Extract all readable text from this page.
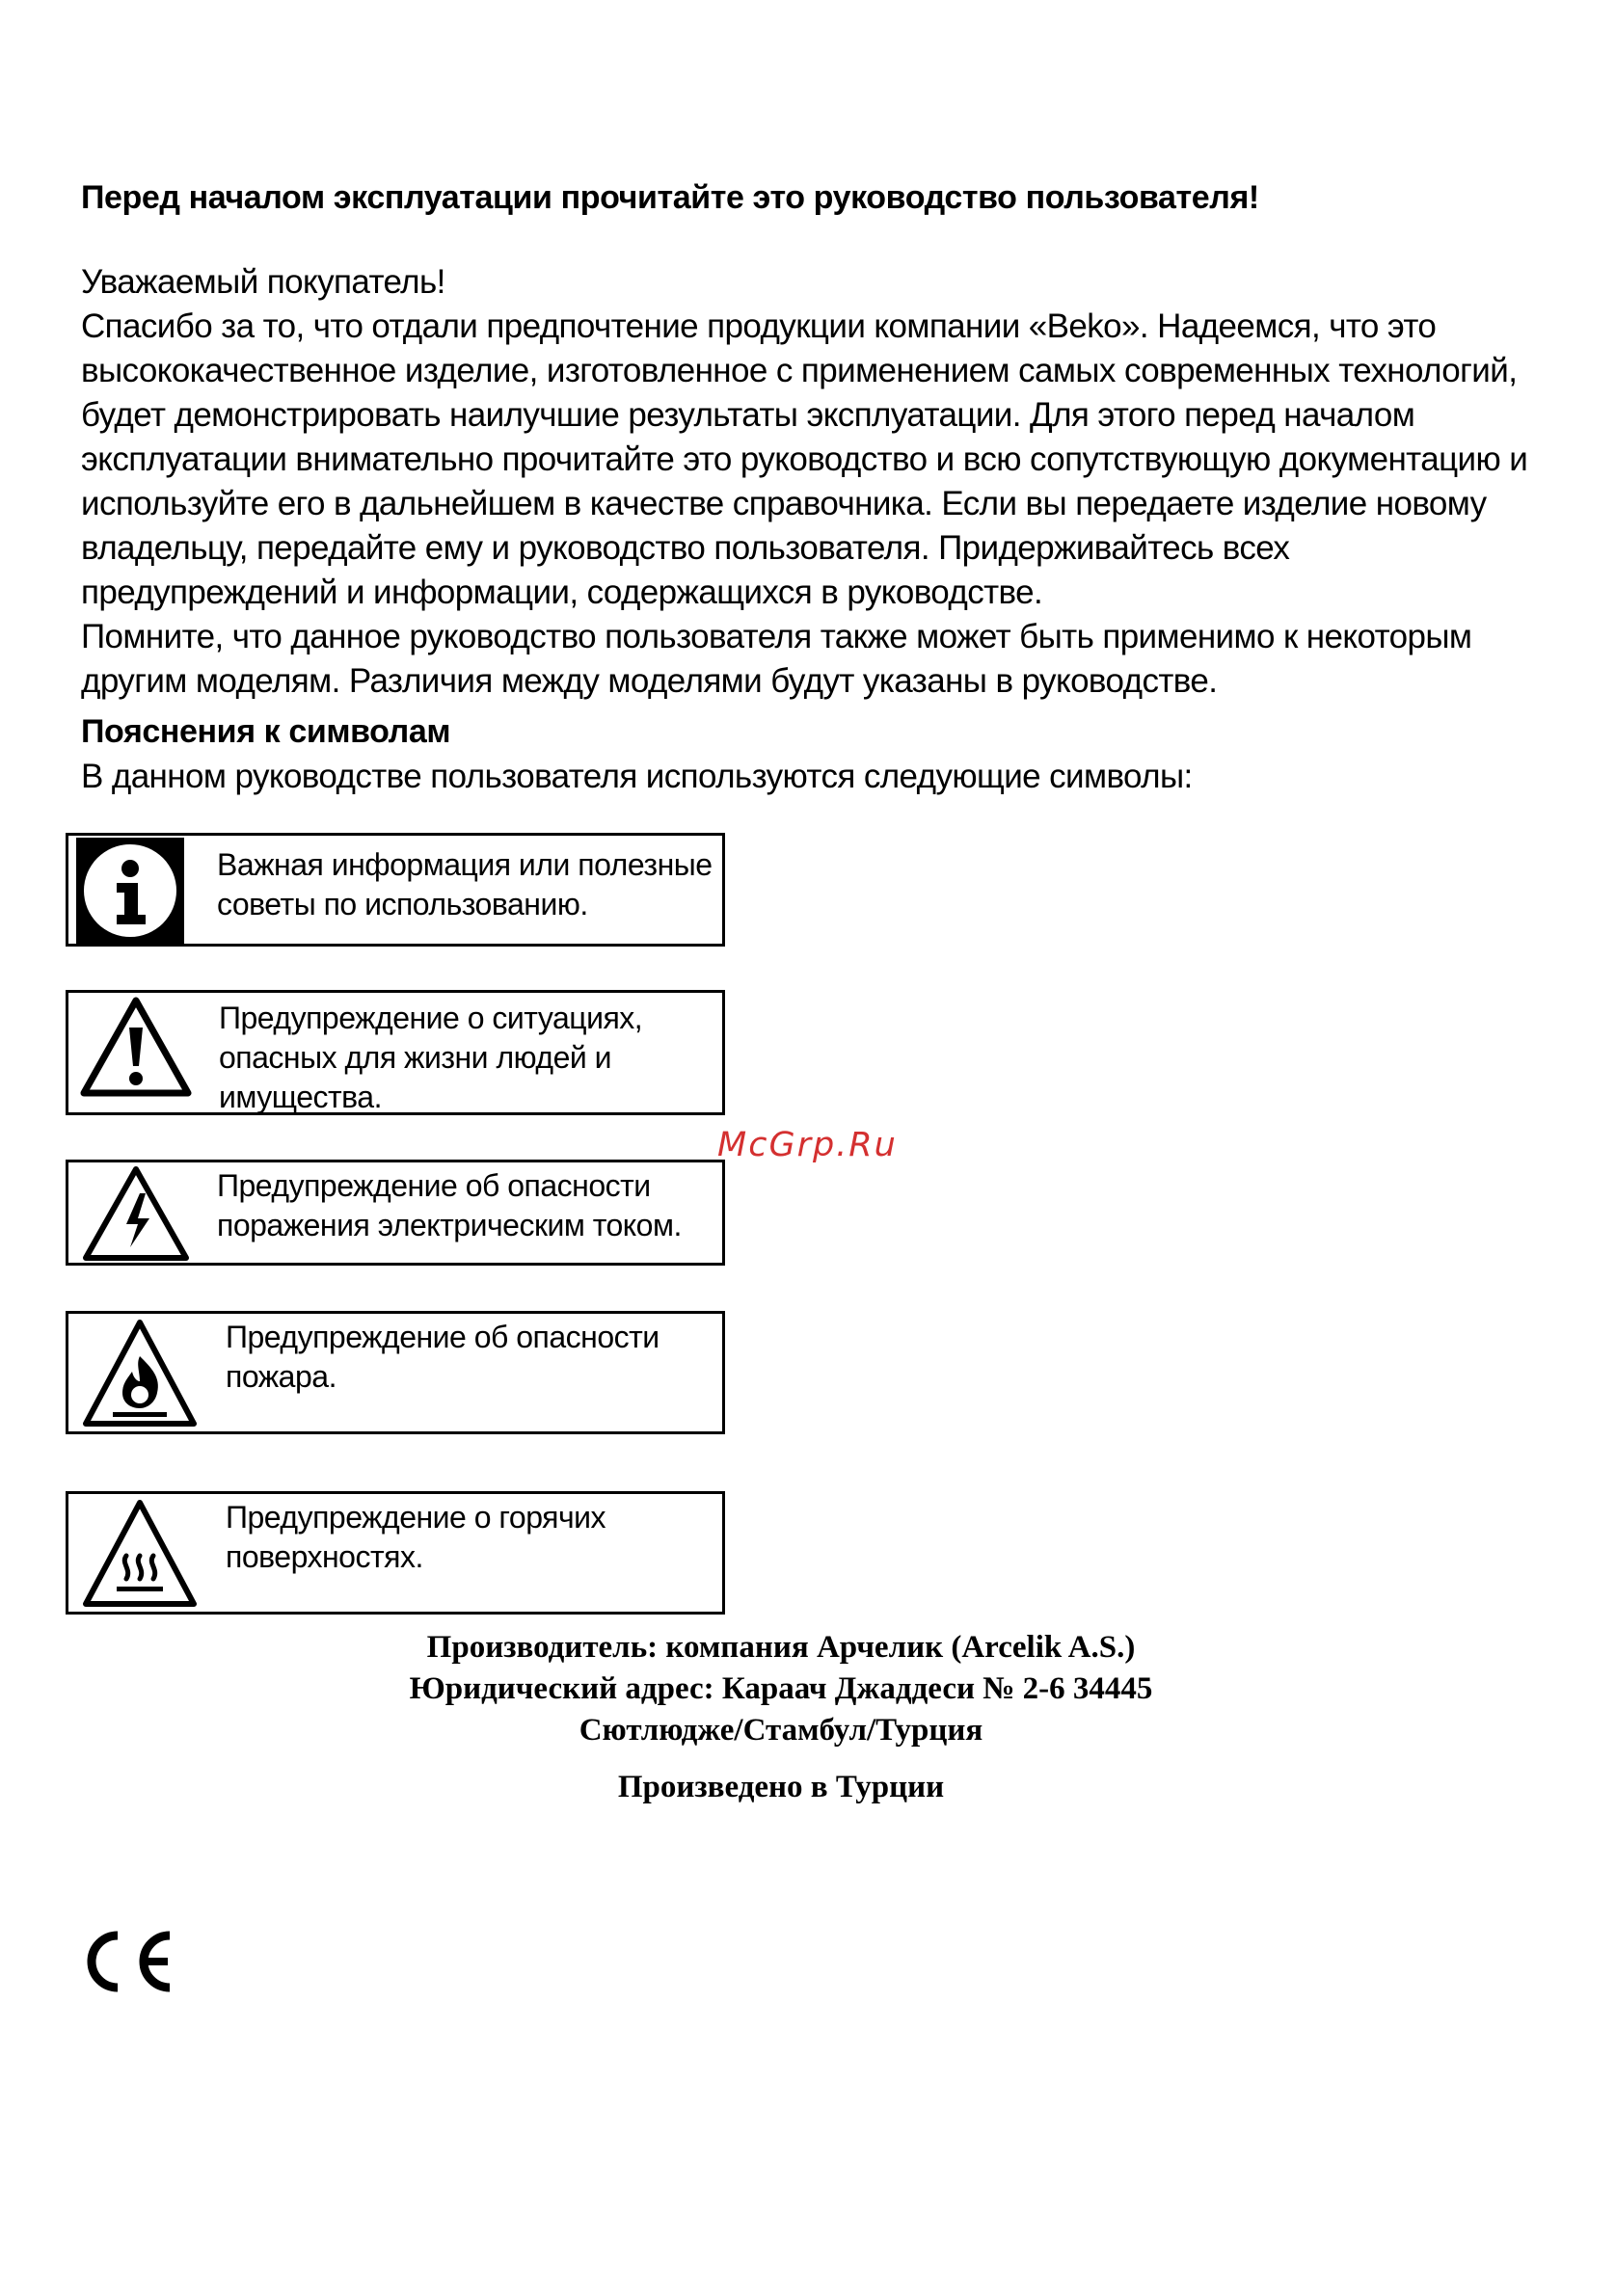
Перед началом эксплуатации прочитайте это руководство пользователя!

Уважаемый покупатель!

Спасибо за то, что отдали предпочтение продукции компании «Beko». Надеемся, что это высококачественное изделие, изготовленное с применением самых современных технологий, будет демонстрировать наилучшие результаты эксплуатации. Для этого перед началом эксплуатации внимательно прочитайте это руководство и всю сопутствующую документацию и используйте его в дальнейшем в качестве справочника. Если вы передаете изделие новому владельцу, передайте ему и руководство пользователя. Придерживайтесь всех предупреждений и информации, содержащихся в руководстве.

Помните, что данное руководство пользователя также может быть применимо к некоторым другим моделям. Различия между моделями будут указаны в руководстве.

Пояснения к символам
В данном руководстве пользователя используются следующие символы:
Важная информация или полезные
советы по использованию.
Предупреждение о ситуациях,
опасных для жизни людей и
имущества.
Предупреждение об опасности
поражения электрическим током.
Предупреждение об опасности
пожара.
Предупреждение о горячих
поверхностях.
McGrp.Ru
Производитель: компания Арчелик (Arcelik A.S.)
Юридический адрес: Караач Джаддеси № 2-6 34445
Сютлюдже/Стамбул/Турция
Произведено в Турции
